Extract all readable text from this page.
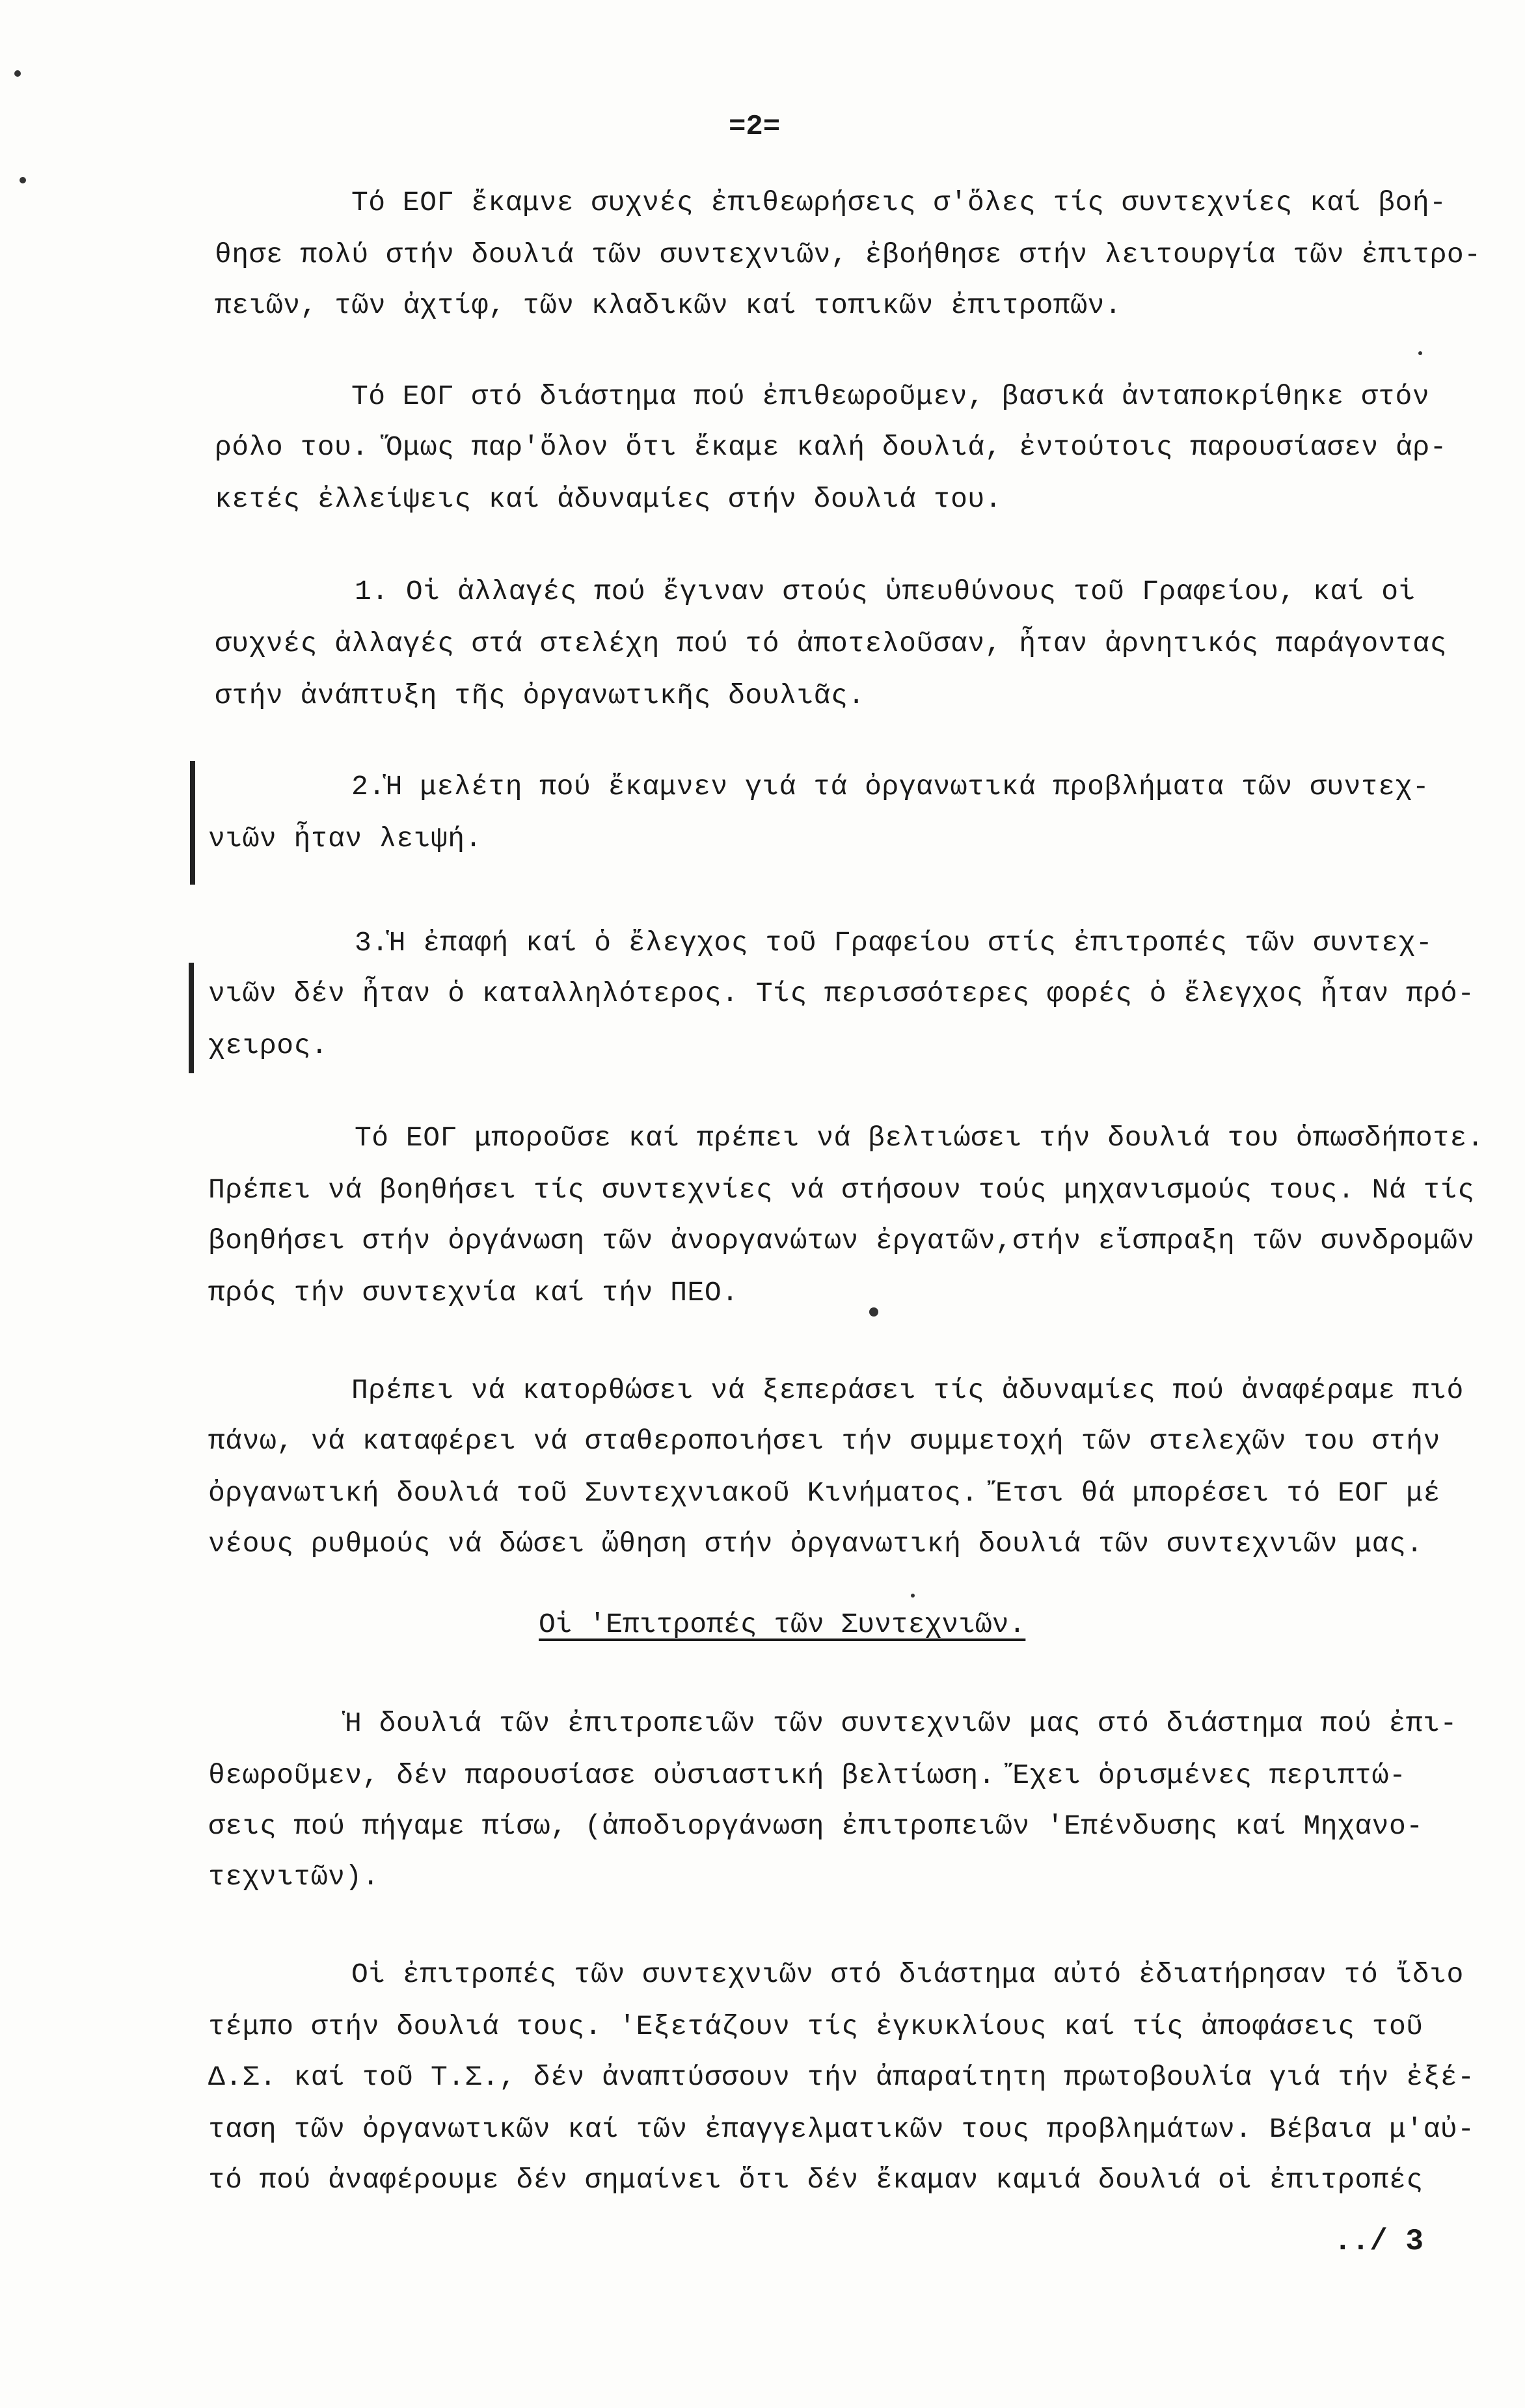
=2=
Τό ΕΟΓ ἔκαμνε συχνές ἐπιθεωρήσεις σ'ὅλες τίς συντεχνίες καί βοή-
θησε πολύ στήν δουλιά τῶν συντεχνιῶν, ἐβοήθησε στήν λειτουργία τῶν ἐπιτρο-
πειῶν, τῶν ἀχτίφ, τῶν κλαδικῶν καί τοπικῶν ἐπιτροπῶν.
Τό ΕΟΓ στό διάστημα πού ἐπιθεωροῦμεν, βασικά ἀνταποκρίθηκε στόν
ρόλο του. Ὅμως παρ'ὅλον ὅτι ἔκαμε καλή δουλιά, ἐντούτοις παρουσίασεν ἀρ-
κετές ἐλλείψεις καί ἀδυναμίες στήν δουλιά του.
1. Οἱ ἀλλαγές πού ἔγιναν στούς ὑπευθύνους τοῦ Γραφείου, καί οἱ
συχνές ἀλλαγές στά στελέχη πού τό ἀποτελοῦσαν, ἦταν ἀρνητικός παράγοντας
στήν ἀνάπτυξη τῆς ὀργανωτικῆς δουλιᾶς.
2.Ἡ μελέτη πού ἔκαμνεν γιά τά ὀργανωτικά προβλήματα τῶν συντεχ-
νιῶν ἦταν λειψή.
3.Ἡ ἐπαφή καί ὁ ἔλεγχος τοῦ Γραφείου στίς ἐπιτροπές τῶν συντεχ-
νιῶν δέν ἦταν ὁ καταλληλότερος. Τίς περισσότερες φορές ὁ ἔλεγχος ἦταν πρό-
χειρος.
Τό ΕΟΓ μποροῦσε καί πρέπει νά βελτιώσει τήν δουλιά του ὁπωσδήποτε.
Πρέπει νά βοηθήσει τίς συντεχνίες νά στήσουν τούς μηχανισμούς τους. Νά τίς
βοηθήσει στήν ὀργάνωση τῶν ἀνοργανώτων ἐργατῶν,στήν εἴσπραξη τῶν συνδρομῶν
πρός τήν συντεχνία καί τήν ΠΕΟ.
Πρέπει νά κατορθώσει νά ξεπεράσει τίς ἀδυναμίες πού ἀναφέραμε πιό
πάνω, νά καταφέρει νά σταθεροποιήσει τήν συμμετοχή τῶν στελεχῶν του στήν
ὀργανωτική δουλιά τοῦ Συντεχνιακοῦ Κινήματος. Ἔτσι θά μπορέσει τό ΕΟΓ μέ
νέους ρυθμούς νά δώσει ὤθηση στήν ὀργανωτική δουλιά τῶν συντεχνιῶν μας.
Οἱ 'Επιτροπές τῶν Συντεχνιῶν.
Ἡ δουλιά τῶν ἐπιτροπειῶν τῶν συντεχνιῶν μας στό διάστημα πού ἐπι-
θεωροῦμεν, δέν παρουσίασε οὐσιαστική βελτίωση. Ἔχει ὁρισμένες περιπτώ-
σεις πού πήγαμε πίσω, (ἀποδιοργάνωση ἐπιτροπειῶν 'Επένδυσης καί Μηχανο-
τεχνιτῶν).
Οἱ ἐπιτροπές τῶν συντεχνιῶν στό διάστημα αὐτό ἐδιατήρησαν τό ἴδιο
τέμπο στήν δουλιά τους. 'Εξετάζουν τίς ἐγκυκλίους καί τίς ἀποφάσεις τοῦ
Δ.Σ. καί τοῦ Τ.Σ., δέν ἀναπτύσσουν τήν ἀπαραίτητη πρωτοβουλία γιά τήν ἐξέ-
ταση τῶν ὀργανωτικῶν καί τῶν ἐπαγγελματικῶν τους προβλημάτων. Βέβαια μ'αὐ-
τό πού ἀναφέρουμε δέν σημαίνει ὅτι δέν ἔκαμαν καμιά δουλιά οἱ ἐπιτροπές
../ 3
